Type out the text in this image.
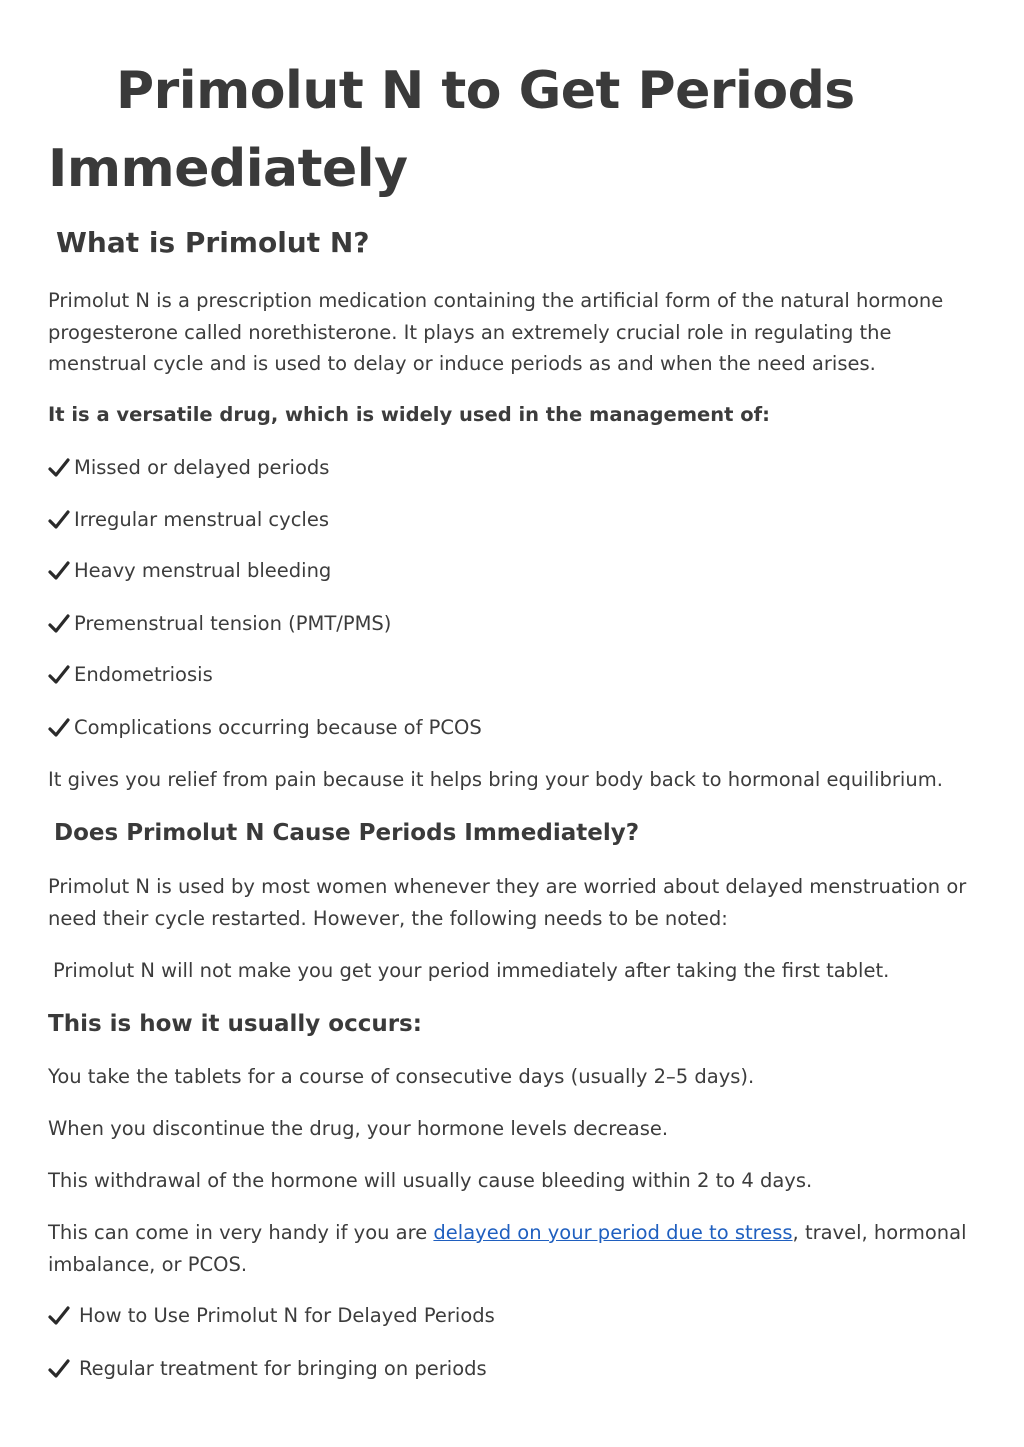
Primolut N to Get Periods Immediately
What is Primolut N?

Primolut N is a prescription medication containing the artificial form of the natural hormone progesterone called norethisterone. It plays an extremely crucial role in regulating the menstrual cycle and is used to delay or induce periods as and when the need arises.

It is a versatile drug, which is widely used in the management of:

Missed or delayed periods
Irregular menstrual cycles
Heavy menstrual bleeding
Premenstrual tension (PMT/PMS)
Endometriosis
Complications occurring because of PCOS

It gives you relief from pain because it helps bring your body back to hormonal equilibrium.

Does Primolut N Cause Periods Immediately?

Primolut N is used by most women whenever they are worried about delayed menstruation or need their cycle restarted. However, the following needs to be noted:

Primolut N will not make you get your period immediately after taking the first tablet.

This is how it usually occurs:

You take the tablets for a course of consecutive days (usually 2–5 days).

When you discontinue the drug, your hormone levels decrease.

This withdrawal of the hormone will usually cause bleeding within 2 to 4 days.

This can come in very handy if you are delayed on your period due to stress, travel, hormonal imbalance, or PCOS.

How to Use Primolut N for Delayed Periods
Regular treatment for bringing on periods
